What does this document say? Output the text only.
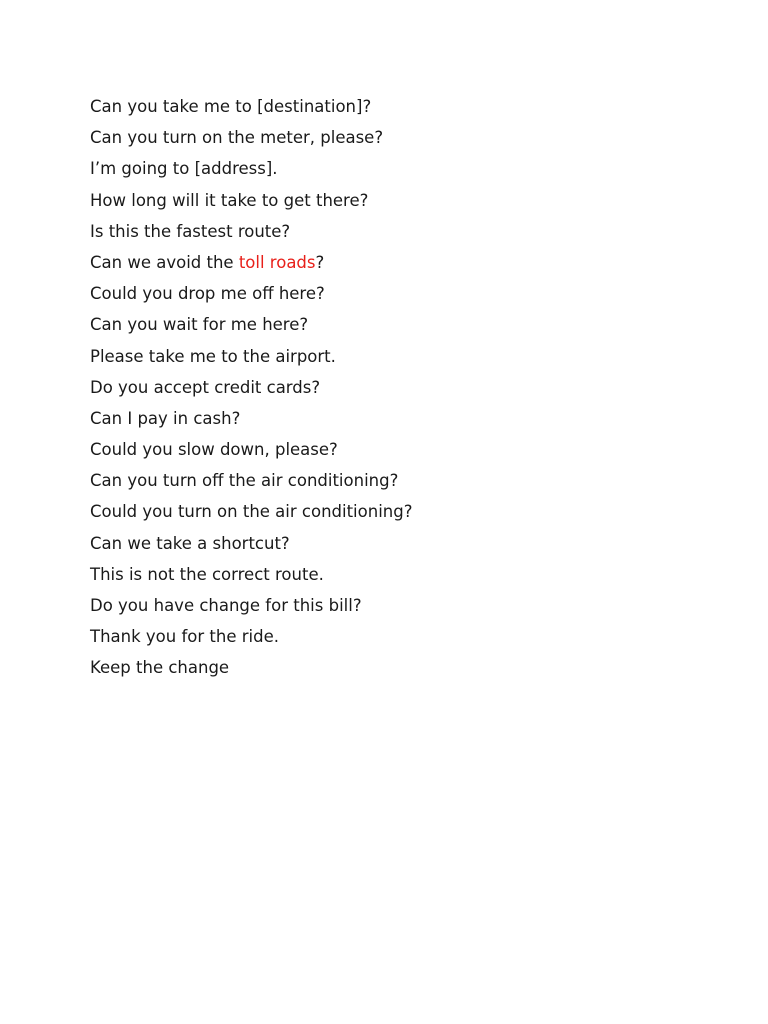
Can you take me to [destination]?
Can you turn on the meter, please?
I’m going to [address].
How long will it take to get there?
Is this the fastest route?
Can we avoid the toll roads?
Could you drop me off here?
Can you wait for me here?
Please take me to the airport.
Do you accept credit cards?
Can I pay in cash?
Could you slow down, please?
Can you turn off the air conditioning?
Could you turn on the air conditioning?
Can we take a shortcut?
This is not the correct route.
Do you have change for this bill?
Thank you for the ride.
Keep the change
